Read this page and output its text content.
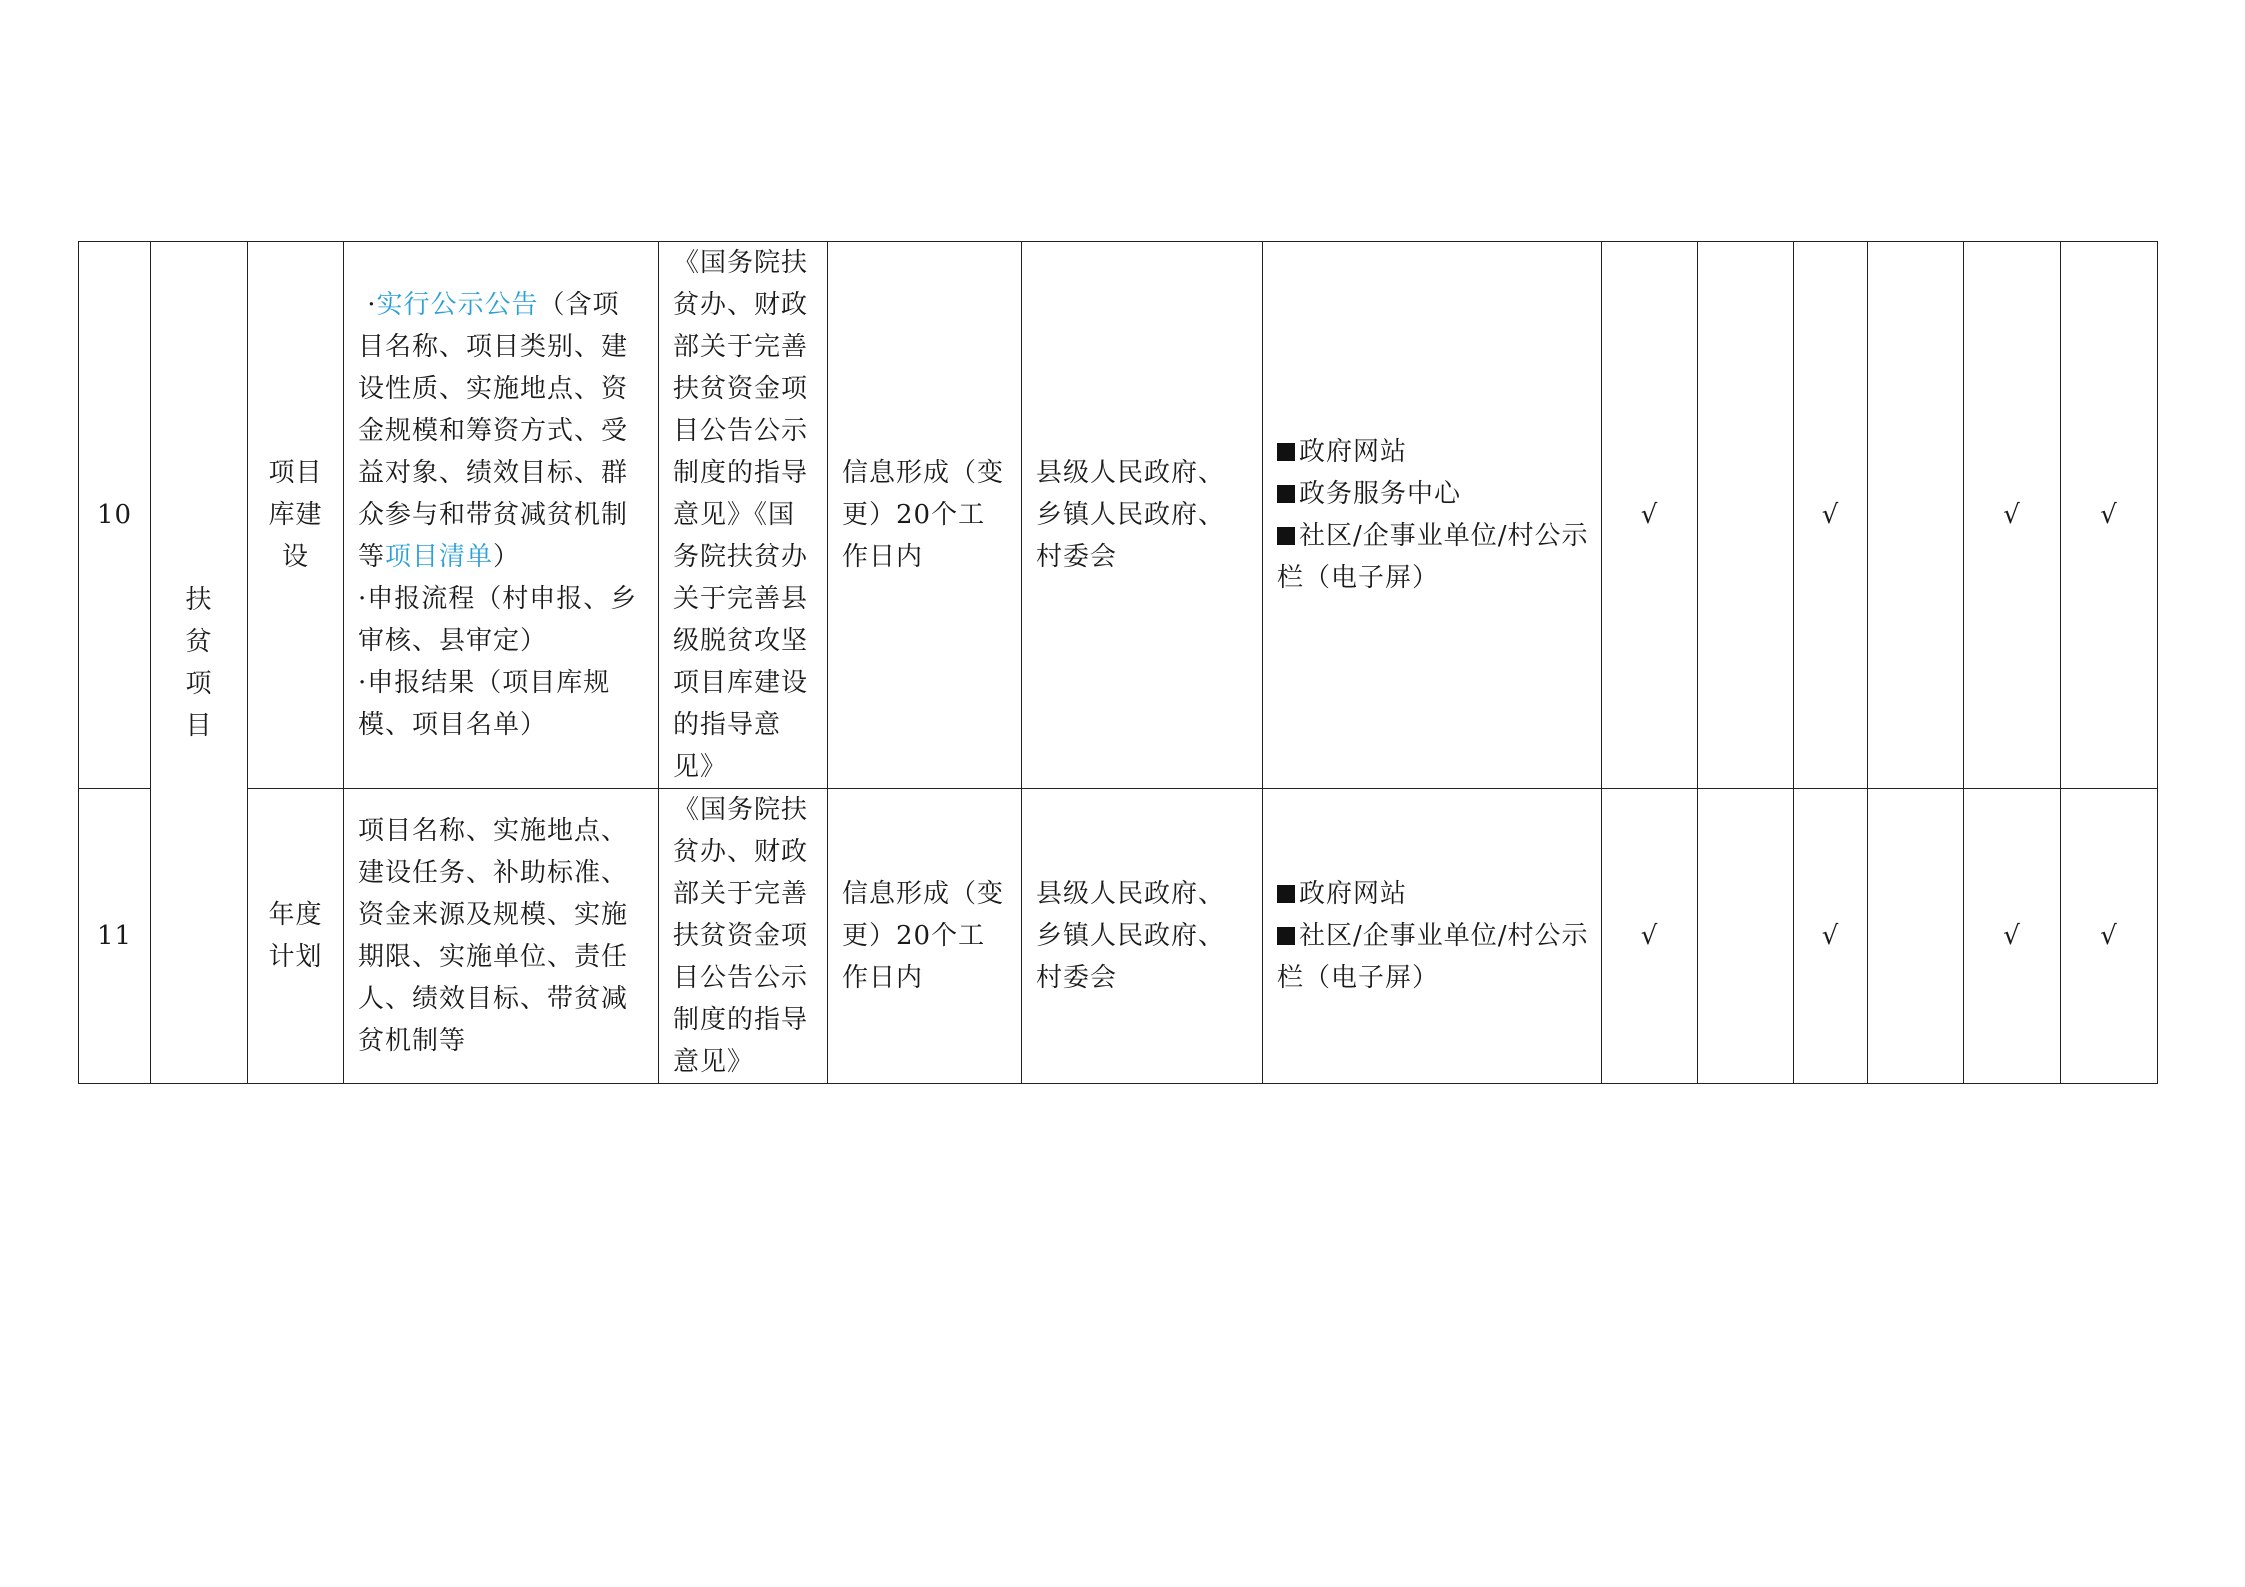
10	扶贫项目	项目库建设	·实行公示公告（含项目名称、项目类别、建设性质、实施地点、资金规模和筹资方式、受益对象、绩效目标、群众参与和带贫减贫机制等项目清单）
·申报流程（村申报、乡审核、县审定）
·申报结果（项目库规模、项目名单）	《国务院扶贫办、财政部关于完善扶贫资金项目公告公示制度的指导意见》《国务院扶贫办关于完善县级脱贫攻坚项目库建设的指导意见》	信息形成（变更）20个工作日内	县级人民政府、乡镇人民政府、村委会	政府网站
政务服务中心
社区/企事业单位/村公示栏（电子屏）	√		√		√	√
11		年度计划	项目名称、实施地点、建设任务、补助标准、资金来源及规模、实施期限、实施单位、责任人、绩效目标、带贫减贫机制等	《国务院扶贫办、财政部关于完善扶贫资金项目公告公示制度的指导意见》	信息形成（变更）20个工作日内	县级人民政府、乡镇人民政府、村委会	政府网站
社区/企事业单位/村公示栏（电子屏）	√		√		√	√
